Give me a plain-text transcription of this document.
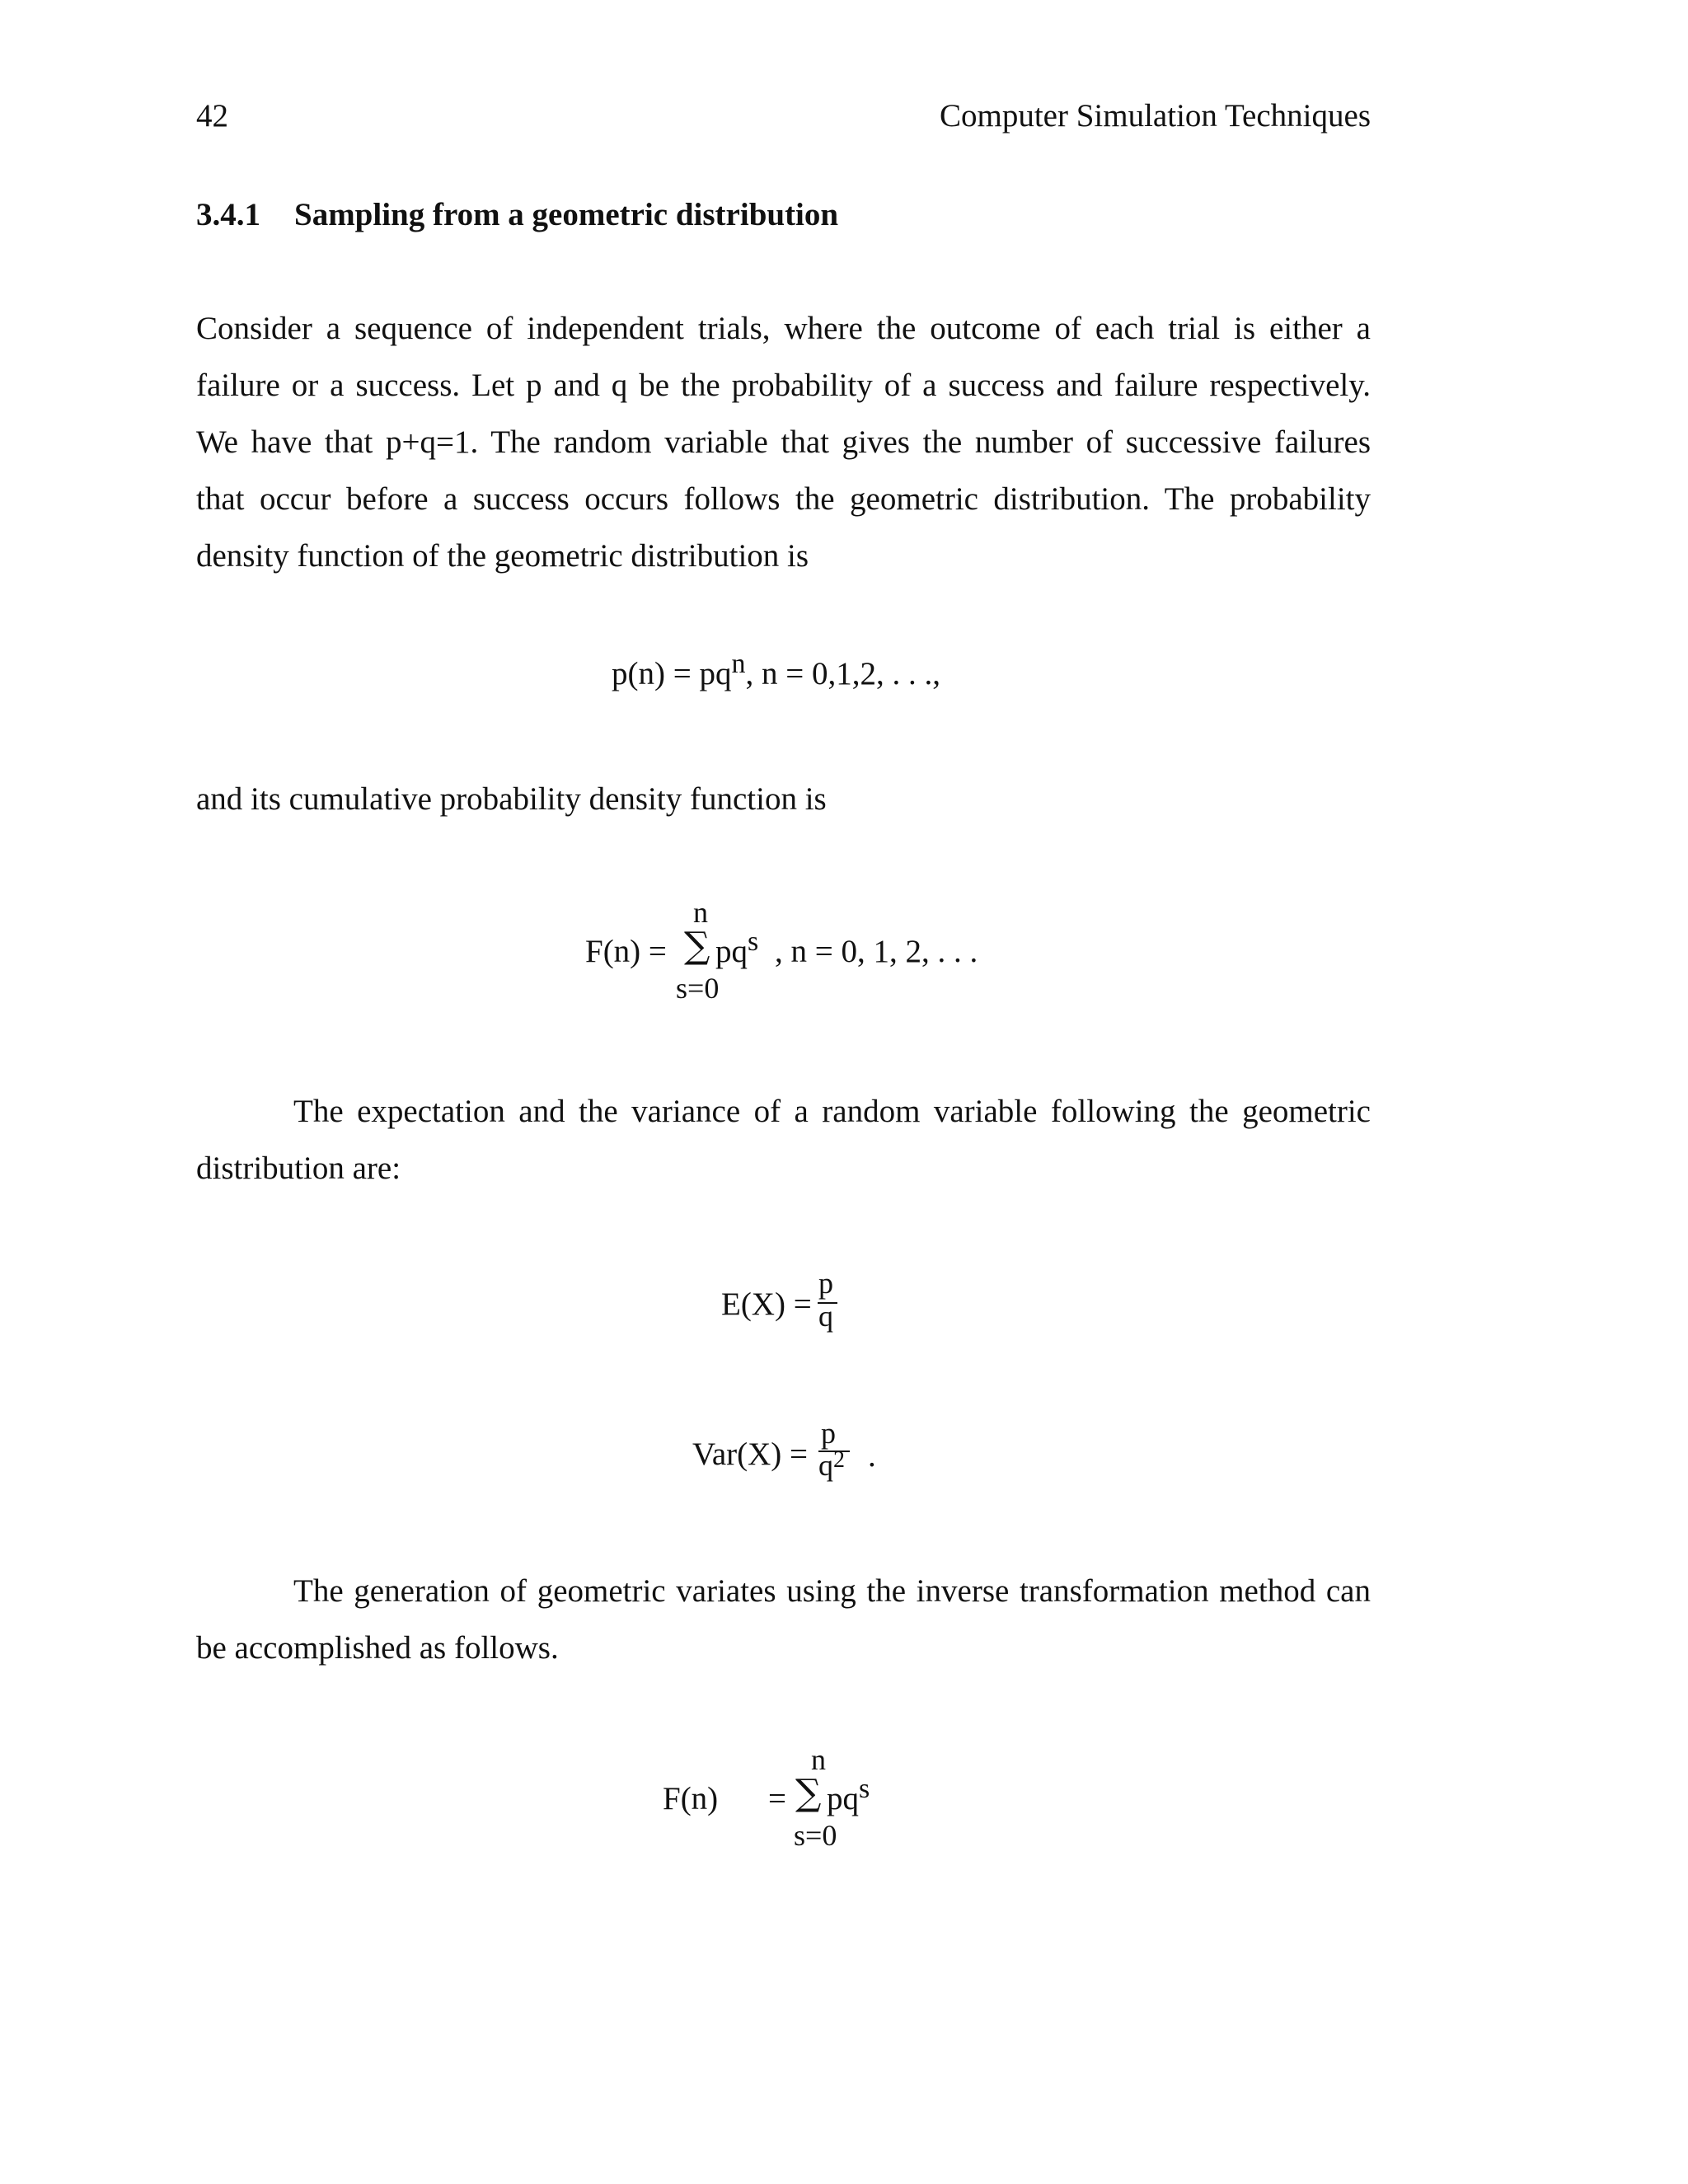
42	Computer Simulation Techniques
3.4.1 Sampling from a geometric distribution
Consider a sequence of independent trials, where the outcome of each trial is either a
failure or a success. Let p and q be the probability of a success and failure respectively.
We have that p+q=1. The random variable that gives the number of successive failures
that occur before a success occurs follows the geometric distribution. The probability
density function of the geometric distribution is
p(n) = pqn, n = 0,1,2, . . .,
and its cumulative probability density function is
F(n) = ∑ pqs
n
s=0
, n = 0, 1, 2, . . .
The expectation and the variance of a random variable following the geometric
distribution are:
E(X) =
p
q
Var(X) =
p
$q^2$ .
The generation of geometric variates using the inverse transformation method can
be accomplished as follows.
F(n) = ∑ pqs
n
s=0
